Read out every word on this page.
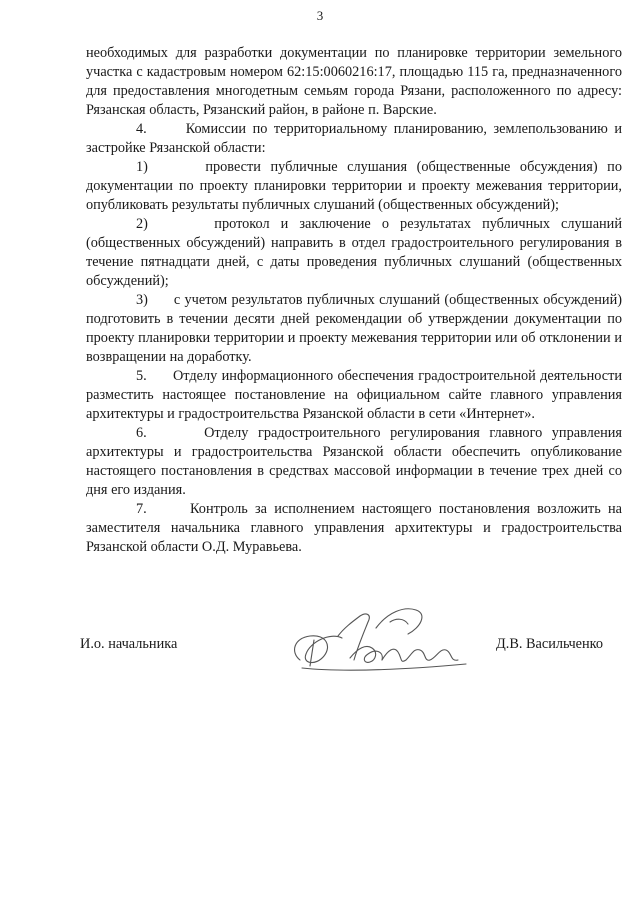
3

необходимых для разработки документации по планировке территории земельного участка с кадастровым номером 62:15:0060216:17, площадью 115 га, предназначенного для предоставления многодетным семьям города Рязани, расположенного по адресу: Рязанская область, Рязанский район, в районе п. Варские.

4.      Комиссии по территориальному планированию, землепользованию и застройке Рязанской области:

1)      провести публичные слушания (общественные обсуждения) по документации по проекту планировки территории и проекту межевания территории, опубликовать результаты публичных слушаний (общественных обсуждений);

2)      протокол и заключение о результатах публичных слушаний (общественных обсуждений) направить в отдел градостроительного регулирования в течение пятнадцати дней, с даты проведения публичных слушаний (общественных обсуждений);

3)      с учетом результатов публичных слушаний (общественных обсуждений) подготовить в течении десяти дней рекомендации об утверждении документации по проекту планировки территории и проекту межевания территории или об отклонении и возвращении на доработку.

5.      Отделу информационного обеспечения градостроительной деятельности разместить настоящее постановление на официальном сайте главного управления архитектуры и градостроительства Рязанской области в сети «Интернет».

6.      Отделу градостроительного регулирования главного управления архитектуры и градостроительства Рязанской области обеспечить опубликование настоящего постановления в средствах массовой информации в течение трех дней со дня его издания.

7.      Контроль за исполнением настоящего постановления возложить на заместителя начальника главного управления архитектуры и градостроительства Рязанской области О.Д. Муравьева.

И.о. начальника	Д.В. Васильченко
